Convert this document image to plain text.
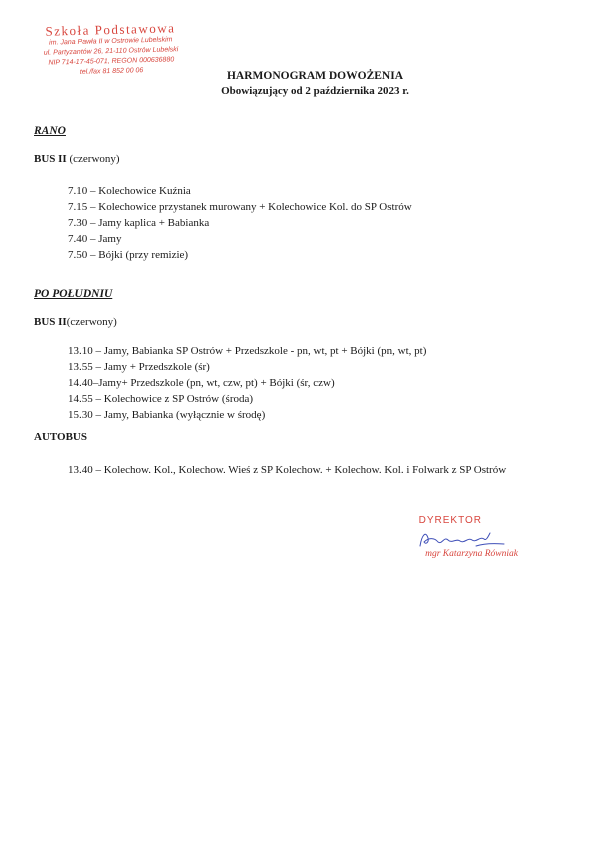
Szkoła Podstawowa
im. Jana Pawła II w Ostrowie Lubelskim
ul. Partyzantów 26, 21-110 Ostrów Lubelski
NIP 714-17-45-071, REGON 000636880
tel./fax 81 852 00 06	HARMONOGRAM DOWOŻENIA
Obowiązujący od 2 października 2023 r.
RANO
BUS II (czerwony)
7.10 – Kolechowice Kuźnia
7.15 – Kolechowice przystanek murowany + Kolechowice Kol. do SP Ostrów
7.30 – Jamy kaplica + Babianka
7.40 – Jamy
7.50 – Bójki (przy remizie)
PO POŁUDNIU
BUS II(czerwony)
13.10 – Jamy, Babianka SP Ostrów + Przedszkole - pn, wt, pt + Bójki (pn, wt, pt)
13.55 – Jamy + Przedszkole (śr)
14.40–Jamy+ Przedszkole (pn, wt, czw, pt) + Bójki (śr, czw)
14.55 – Kolechowice z SP Ostrów (środa)
15.30 – Jamy, Babianka (wyłącznie w środę)
AUTOBUS
13.40 – Kolechow. Kol., Kolechow. Wieś z SP Kolechow. + Kolechow. Kol. i Folwark z SP Ostrów
DYREKTOR
mgr Katarzyna Równiak
